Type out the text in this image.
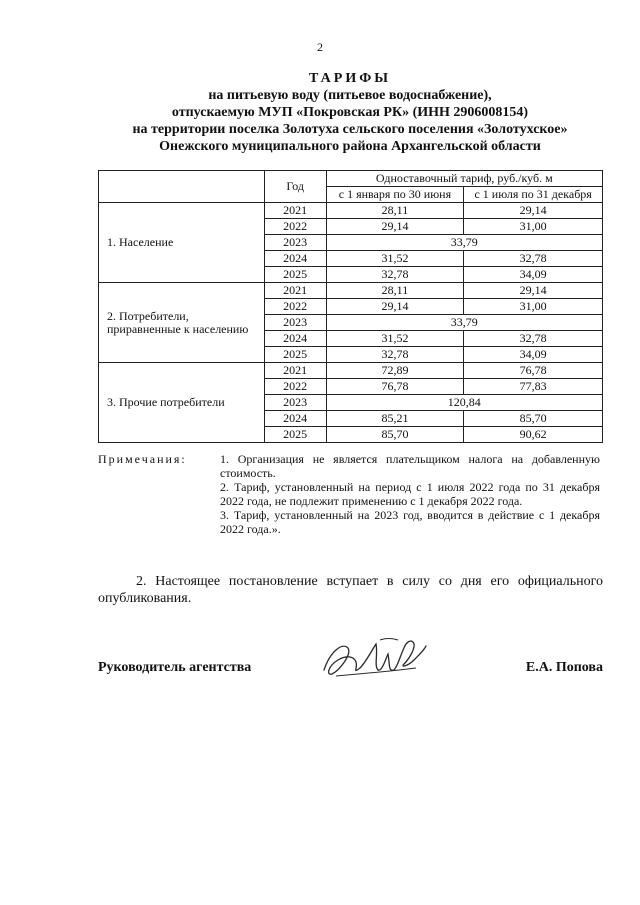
2
ТАРИФЫ
на питьевую воду (питьевое водоснабжение),
отпускаемую МУП «Покровская РК» (ИНН 2906008154)
на территории поселка Золотуха сельского поселения «Золотухское»
Онежского муниципального района Архангельской области
	Год	Одноставочный тариф, руб./куб. м	
		с 1 января по 30 июня	с 1 июля по 31 декабря
1. Население	2021	28,11	29,14
	2022	29,14	31,00
	2023	33,79	
	2024	31,52	32,78
	2025	32,78	34,09
2. Потребители, приравненные к населению	2021	28,11	29,14
	2022	29,14	31,00
	2023	33,79	
	2024	31,52	32,78
	2025	32,78	34,09
3. Прочие потребители	2021	72,89	76,78
	2022	76,78	77,83
	2023	120,84	
	2024	85,21	85,70
	2025	85,70	90,62
Примечания:	1. Организация не является плательщиком налога на добавленную стоимость.
2. Тариф, установленный на период с 1 июля 2022 года по 31 декабря 2022 года, не подлежит применению с 1 декабря 2022 года.
3. Тариф, установленный на 2023 год, вводится в действие с 1 декабря 2022 года.».
2. Настоящее постановление вступает в силу со дня его официального опубликования.
Руководитель агентства	Е.А. Попова
